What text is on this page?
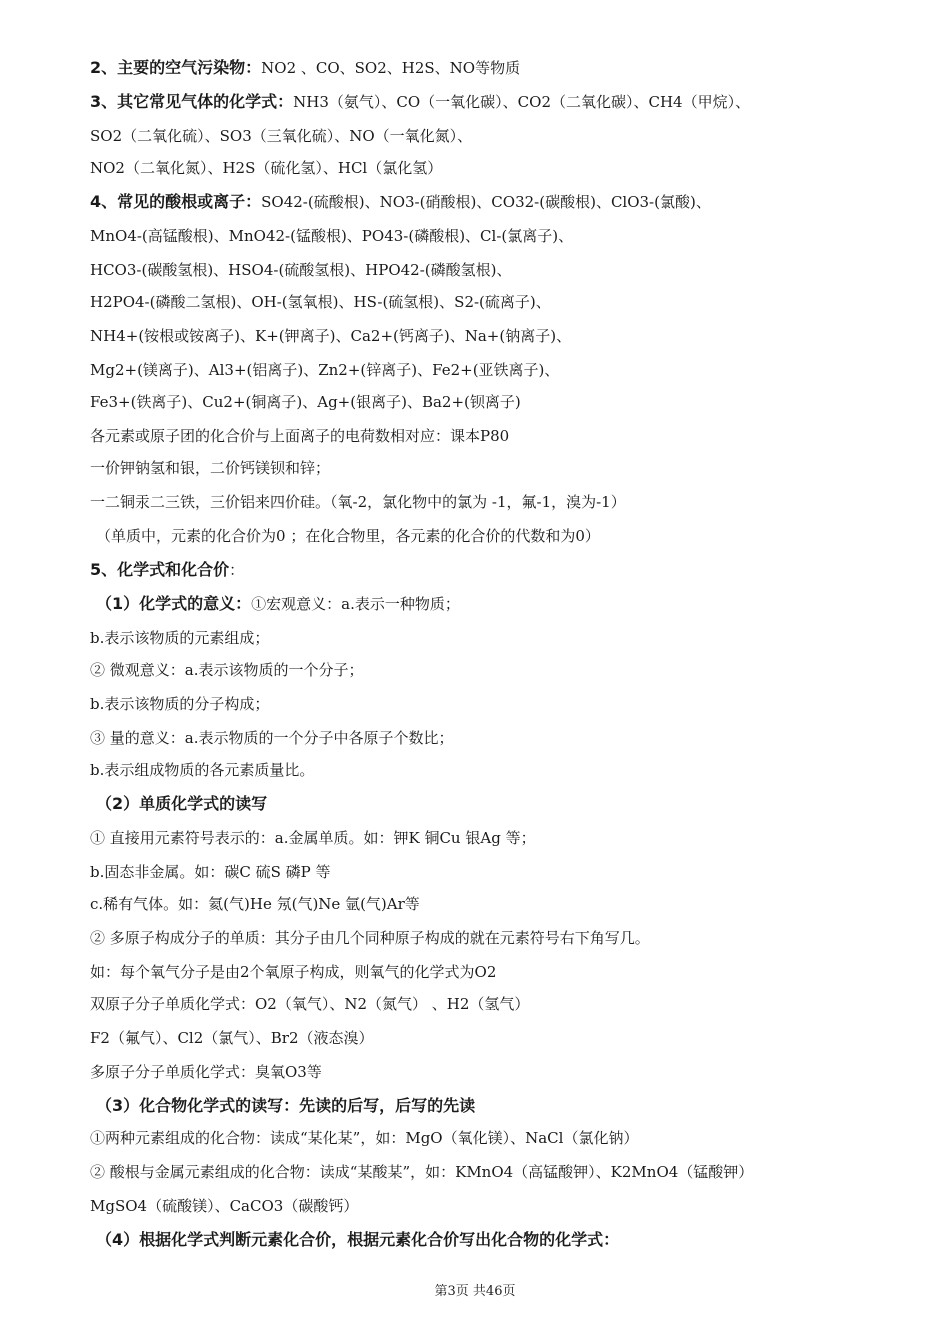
2、主要的空气污染物：NO2 、CO、SO2、H2S、NO等物质
3、其它常见气体的化学式：NH3（氨气）、CO（一氧化碳）、CO2（二氧化碳）、CH4（甲烷）、
SO2（二氧化硫）、SO3（三氧化硫）、NO（一氧化氮）、
NO2（二氧化氮）、H2S（硫化氢）、HCl（氯化氢）
4、常见的酸根或离子：SO42-(硫酸根)、NO3-(硝酸根)、CO32-(碳酸根)、ClO3-(氯酸)、
MnO4-(高锰酸根)、MnO42-(锰酸根)、PO43-(磷酸根)、Cl-(氯离子)、
HCO3-(碳酸氢根)、HSO4-(硫酸氢根)、HPO42-(磷酸氢根)、
H2PO4-(磷酸二氢根)、OH-(氢氧根)、HS-(硫氢根)、S2-(硫离子)、
NH4+(铵根或铵离子)、K+(钾离子)、Ca2+(钙离子)、Na+(钠离子)、
Mg2+(镁离子)、Al3+(铝离子)、Zn2+(锌离子)、Fe2+(亚铁离子)、
Fe3+(铁离子)、Cu2+(铜离子)、Ag+(银离子)、Ba2+(钡离子)
各元素或原子团的化合价与上面离子的电荷数相对应：课本P80
一价钾钠氢和银，二价钙镁钡和锌；
一二铜汞二三铁，三价铝来四价硅。（氧-2，氯化物中的氯为 -1，氟-1，溴为-1）
（单质中，元素的化合价为0 ；在化合物里，各元素的化合价的代数和为0）
5、化学式和化合价：
（1）化学式的意义：①宏观意义：a.表示一种物质；
b.表示该物质的元素组成；
② 微观意义：a.表示该物质的一个分子；
b.表示该物质的分子构成；
③ 量的意义：a.表示物质的一个分子中各原子个数比；
b.表示组成物质的各元素质量比。
（2）单质化学式的读写
① 直接用元素符号表示的：a.金属单质。如：钾K 铜Cu 银Ag 等；
b.固态非金属。如：碳C 硫S 磷P 等
c.稀有气体。如：氦(气)He 氖(气)Ne 氩(气)Ar等
② 多原子构成分子的单质：其分子由几个同种原子构成的就在元素符号右下角写几。
如：每个氧气分子是由2个氧原子构成，则氧气的化学式为O2
双原子分子单质化学式：O2（氧气）、N2（氮气） 、H2（氢气）
F2（氟气）、Cl2（氯气）、Br2（液态溴）
多原子分子单质化学式：臭氧O3等
（3）化合物化学式的读写：先读的后写，后写的先读
①两种元素组成的化合物：读成“某化某”，如：MgO（氧化镁）、NaCl（氯化钠）
② 酸根与金属元素组成的化合物：读成“某酸某”，如：KMnO4（高锰酸钾）、K2MnO4（锰酸钾）
MgSO4（硫酸镁）、CaCO3（碳酸钙）
（4）根据化学式判断元素化合价，根据元素化合价写出化合物的化学式：
第3页 共46页
